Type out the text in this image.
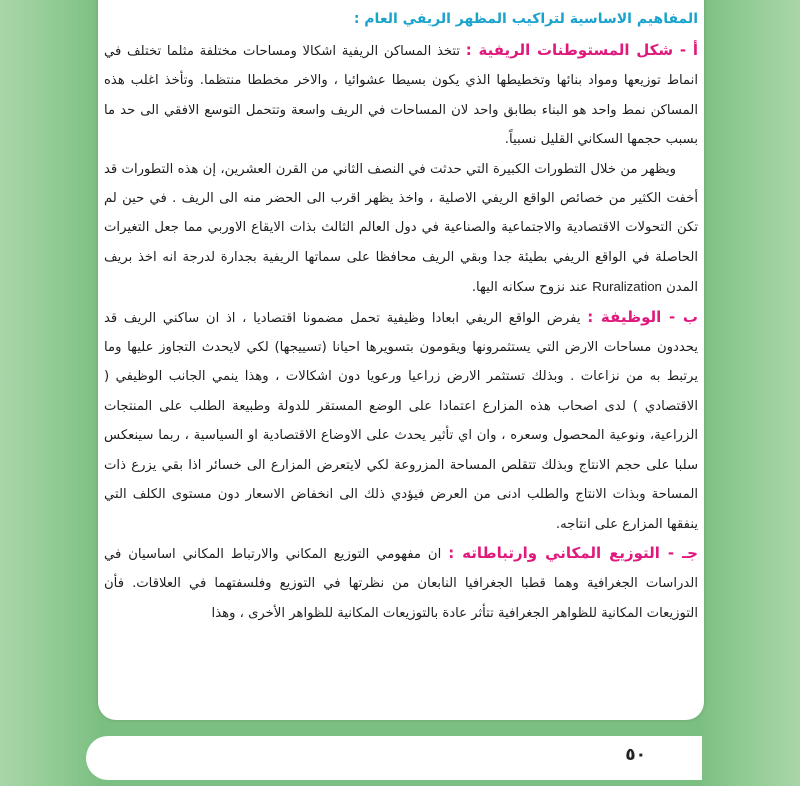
المفاهيم الاساسية لتراكيب المظهر الريفي العام :

أ - شكل المستوطنات الريفية : تتخذ المساكن الريفية اشكالا ومساحات مختلفة مثلما تختلف في انماط توزيعها ومواد بنائها وتخطيطها الذي يكون بسيطا عشوائيا ، والاخر مخططا منتظما. وتأخذ اغلب هذه المساكن نمط واحد هو البناء بطابق واحد لان المساحات في الريف واسعة وتتحمل التوسع الافقي الى حد ما بسبب حجمها السكاني القليل نسبياً.

ويظهر من خلال التطورات الكبيرة التي حدثت في النصف الثاني من القرن العشرين، إن هذه التطورات قد أخفت الكثير من خصائص الواقع الريفي الاصلية ، واخذ يظهر اقرب الى الحضر منه الى الريف . في حين لم تكن التحولات الاقتصادية والاجتماعية والصناعية في دول العالم الثالث بذات الايقاع الاوربي مما جعل التغيرات الحاصلة في الواقع الريفي بطيئة جدا وبقي الريف محافظا على سماتها الريفية بجدارة لدرجة انه اخذ بريف المدن Ruralization عند نزوح سكانه اليها.

ب - الوظيفة : يفرض الواقع الريفي ابعادا وظيفية تحمل مضمونا اقتصاديا ، اذ ان ساكني الريف قد يحددون مساحات الارض التي يستثمرونها ويقومون بتسويرها احيانا (تسييجها) لكي لايحدث التجاوز عليها وما يرتبط به من نزاعات . وبذلك تستثمر الارض زراعيا ورعويا دون اشكالات ، وهذا ينمي الجانب الوظيفي ( الاقتصادي ) لدى اصحاب هذه المزارع اعتمادا على الوضع المستقر للدولة وطبيعة الطلب على المنتجات الزراعية، ونوعية المحصول وسعره ، وان اي تأثير يحدث على الاوضاع الاقتصادية او السياسية ، ربما سينعكس سلبا على حجم الانتاج وبذلك تتقلص المساحة المزروعة لكي لايتعرض المزارع الى خسائر اذا بقي يزرع ذات المساحة وبذات الانتاج والطلب ادنى من العرض فيؤدي ذلك الى انخفاض الاسعار دون مستوى الكلف التي ينفقها المزارع على انتاجه.

جـ - التوزيع المكاني وارتباطاته : ان مفهومي التوزيع المكاني والارتباط المكاني اساسيان في الدراسات الجغرافية وهما قطبا الجغرافيا النابعان من نظرتها في التوزيع وفلسفتهما في العلاقات. فأن التوزيعات المكانية للظواهر الجغرافية تتأثر عادة بالتوزيعات المكانية للظواهر الأخرى ، وهذا

٥٠
